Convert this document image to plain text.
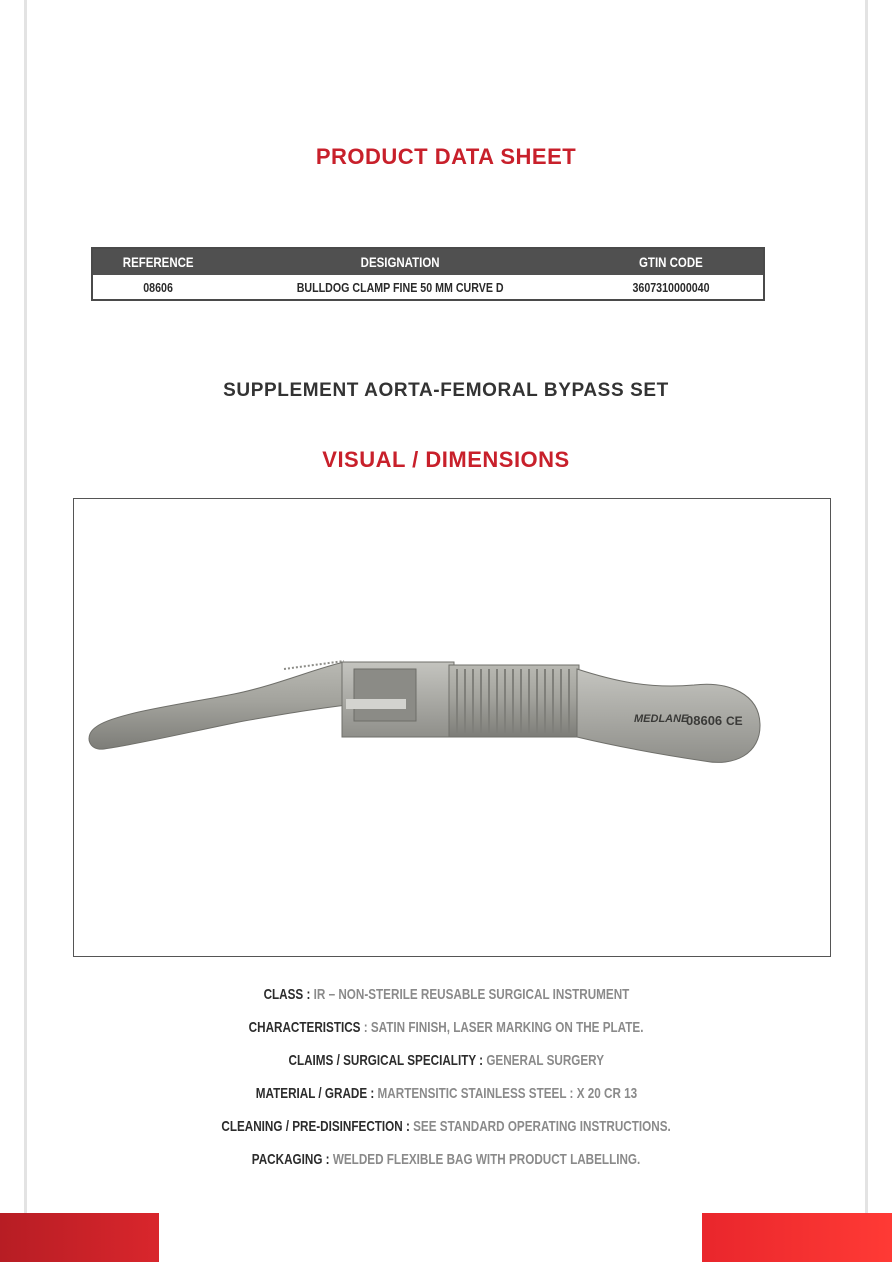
PRODUCT DATA SHEET
REFERENCE	DESIGNATION	GTIN CODE
08606	BULLDOG CLAMP FINE 50 MM CURVE D	3607310000040
SUPPLEMENT AORTA-FEMORAL BYPASS SET
VISUAL / DIMENSIONS
MEDLANE
08606 CE
CLASS : IR – NON-STERILE REUSABLE SURGICAL INSTRUMENT
CHARACTERISTICS : SATIN FINISH, LASER MARKING ON THE PLATE.
CLAIMS / SURGICAL SPECIALITY : GENERAL SURGERY
MATERIAL / GRADE : MARTENSITIC STAINLESS STEEL : X 20 CR 13
CLEANING / PRE-DISINFECTION : SEE STANDARD OPERATING INSTRUCTIONS.
PACKAGING : WELDED FLEXIBLE BAG WITH PRODUCT LABELLING.
